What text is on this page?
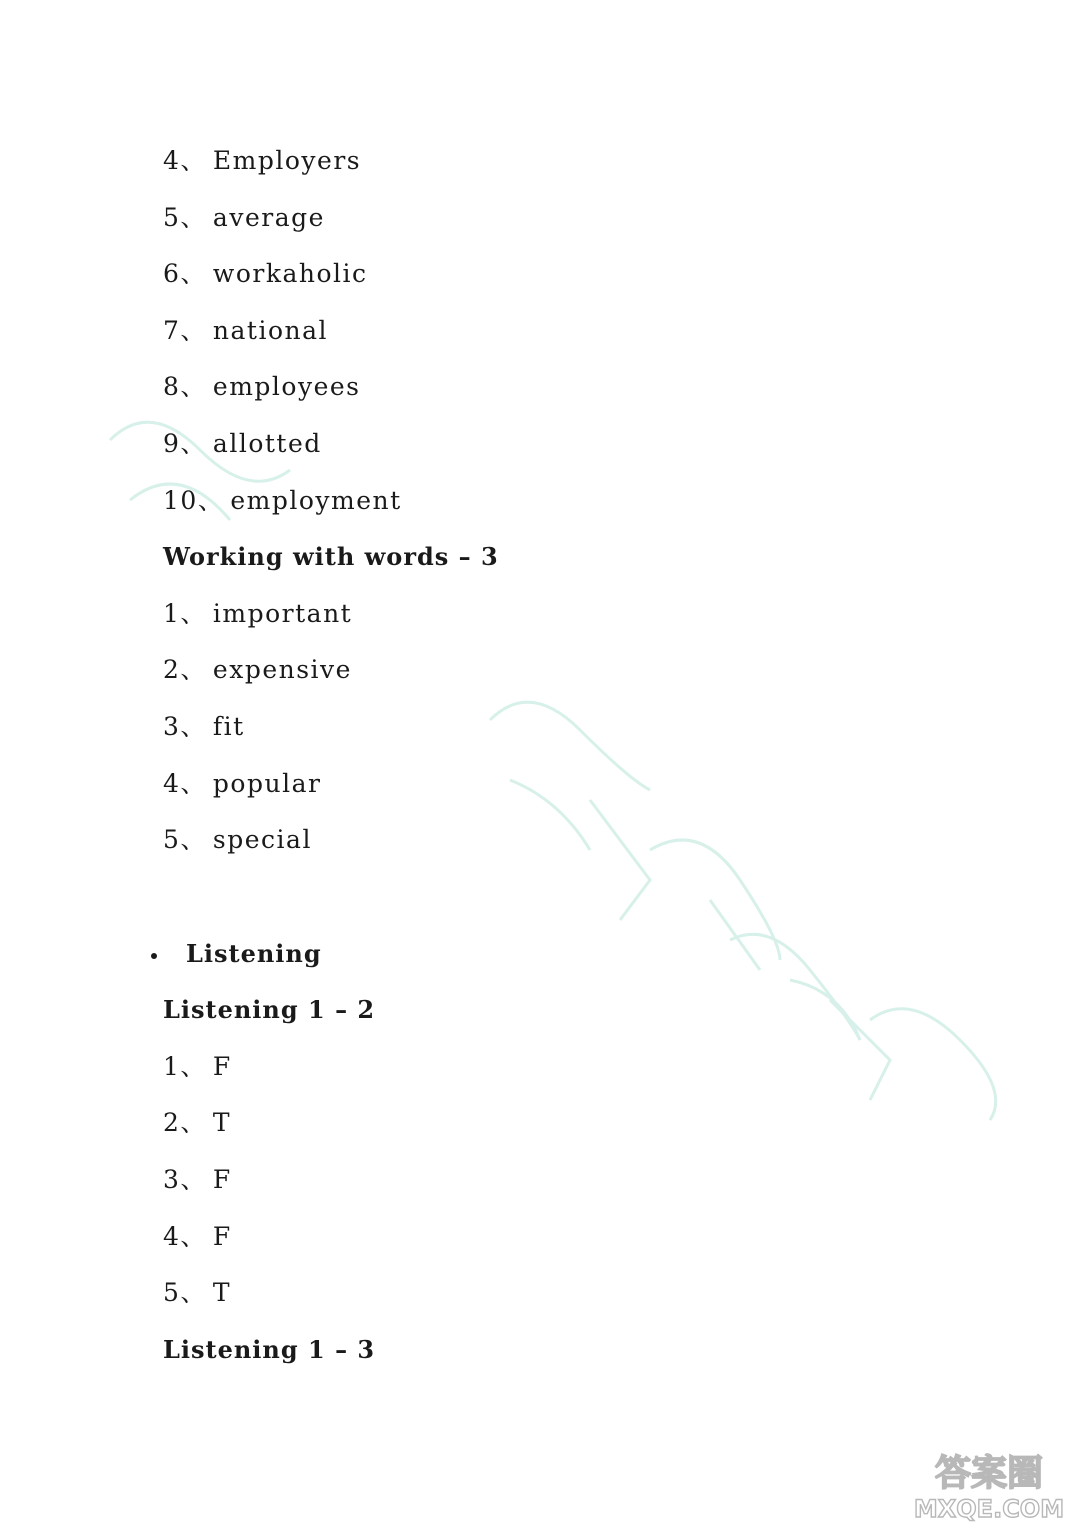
4、 Employers
5、 average
6、 workaholic
7、 national
8、 employees
9、 allotted
10、 employment
Working with words – 3
1、 important
2、 expensive
3、 fit
4、 popular
5、 special
Listening
Listening 1 – 2
1、 F
2、 T
3、 F
4、 F
5、 T
Listening 1 – 3
答案圈
MXQE.COM
